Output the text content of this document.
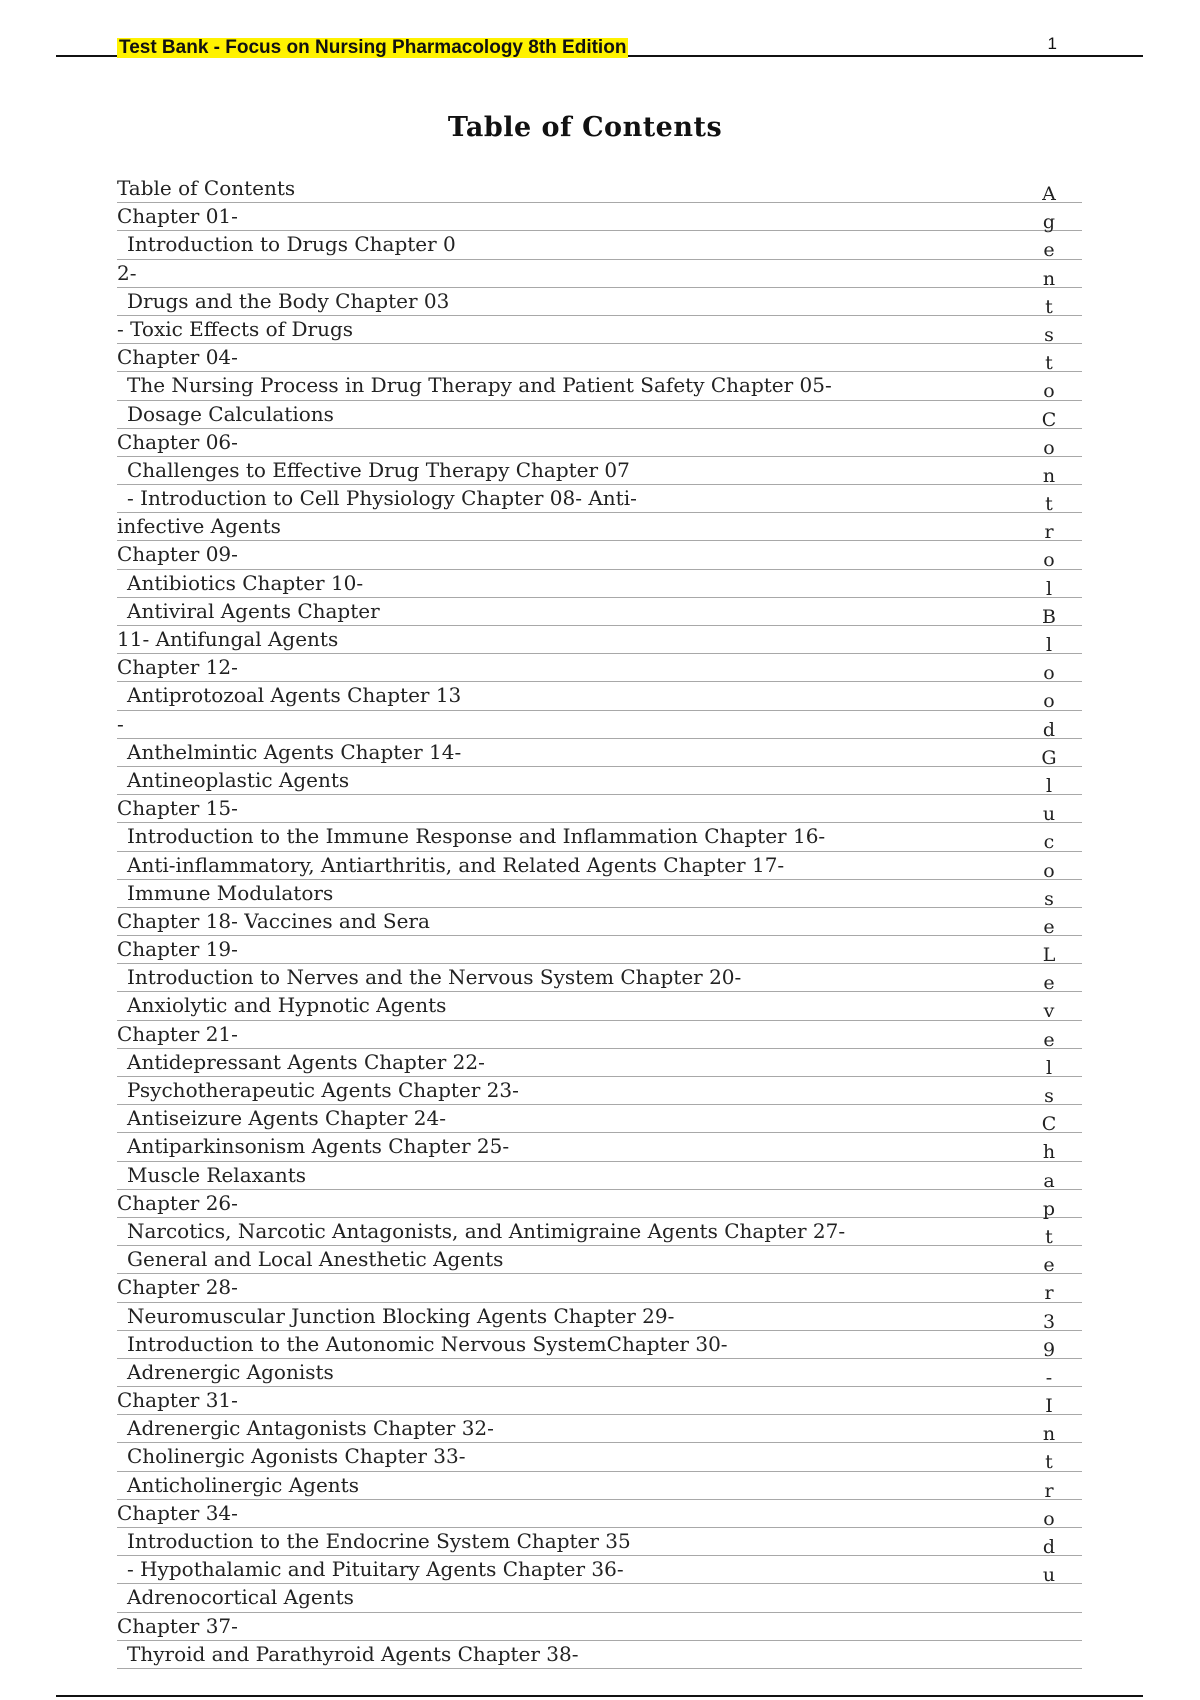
Test Bank - Focus on Nursing Pharmacology 8th Edition	1
Table of Contents
Table of Contents
Chapter 01-
Introduction to Drugs Chapter 0
2-
Drugs and the Body Chapter 03
- Toxic Effects of Drugs
Chapter 04-
The Nursing Process in Drug Therapy and Patient Safety Chapter 05-
Dosage Calculations
Chapter 06-
Challenges to Effective Drug Therapy Chapter 07
- Introduction to Cell Physiology Chapter 08- Anti-
infective Agents
Chapter 09-
Antibiotics Chapter 10-
Antiviral Agents Chapter
11- Antifungal Agents
Chapter 12-
Antiprotozoal Agents Chapter 13
-
Anthelmintic Agents Chapter 14-
Antineoplastic Agents
Chapter 15-
Introduction to the Immune Response and Inflammation Chapter 16-
Anti-inflammatory, Antiarthritis, and Related Agents Chapter 17-
Immune Modulators
Chapter 18- Vaccines and Sera
Chapter 19-
Introduction to Nerves and the Nervous System Chapter 20-
Anxiolytic and Hypnotic Agents
Chapter 21-
Antidepressant Agents Chapter 22-
Psychotherapeutic Agents Chapter 23-
Antiseizure Agents Chapter 24-
Antiparkinsonism Agents Chapter 25-
Muscle Relaxants
Chapter 26-
Narcotics, Narcotic Antagonists, and Antimigraine Agents Chapter 27-
General and Local Anesthetic Agents
Chapter 28-
Neuromuscular Junction Blocking Agents Chapter 29-
Introduction to the Autonomic Nervous SystemChapter 30-
Adrenergic Agonists
Chapter 31-
Adrenergic Antagonists Chapter 32-
Cholinergic Agonists Chapter 33-
Anticholinergic Agents
Chapter 34-
Introduction to the Endocrine System Chapter 35
- Hypothalamic and Pituitary Agents Chapter 36-
Adrenocortical Agents
Chapter 37-
Thyroid and Parathyroid Agents Chapter 38-
A
g
e
n
t
s
t
o
C
o
n
t
r
o
l
B
l
o
o
d
G
l
u
c
o
s
e
L
e
v
e
l
s
C
h
a
p
t
e
r
3
9
-
I
n
t
r
o
d
u
